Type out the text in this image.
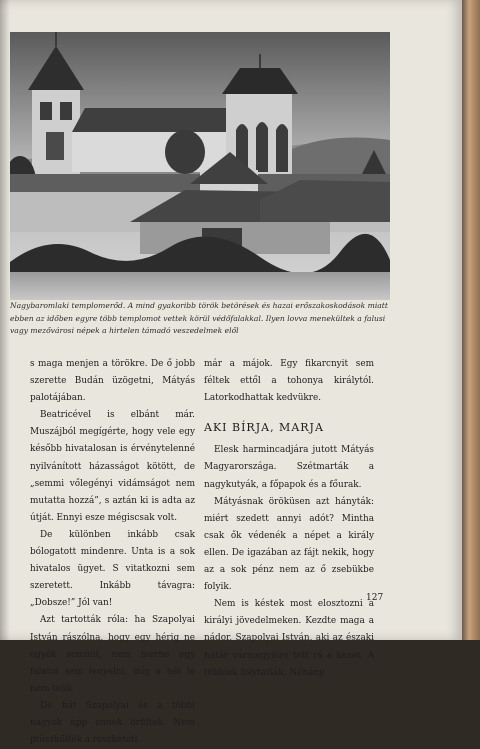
Nagybaromlaki templomerőd. A mind gyakoribb török betörések és hazai erőszakoskodások miatt ebben az időben egyre több templomot vettek körül védőfalakkal. Ilyen lovva menekültek a falusi vagy mezővárosi népek a hirtelen támadó veszedelmek elől

s maga menjen a törökre. De ő jobb szerette Budán üzögetni, Mátyás palotájában.

Beatricével is elbánt már. Muszájból megígérte, hogy vele egy később hivatalosan is érvénytelenné nyilvánított házasságot kötött, de „semmi vőlegényi vidámságot nem mutatta hozzá”, s aztán ki is adta az útját. Ennyi esze mégiscsak volt.

De különben inkább csak bólogatott mindenre. Unta is a sok hivatalos ügyet. S vitatkozni sem szeretett. Inkább távagra: „Dobsze!” Jól van!

Azt tartották róla: ha Szapolyai István rászólna, hogy egy hérig ne egyék semmit, nem merne egy falatot sem lenyelni, míg a hét le nem telik.

De hát Szapolyai és a többi nagyok épp ennek örültek. Nem ptüszköltek a reszketett

már a májok. Egy fikarcnyit sem féltek ettől a tohonya királytól. Latorkodhattak kedvükre.

AKI BÍRJA, MARJA

Elesk harmincadjára jutott Mátyás Magyarországa. Szétmarták a nagykutyák, a főpapok és a főurak.

Mátyásnak öröküsen azt hányták: miért szedett annyi adót? Mintha csak ők védenék a népet a király ellen. De igazában az fájt nekik, hogy az a sok pénz nem az ő zsebükbe folyik.

Nem is késtek most elosztozni a királyi jövedelmeken. Kezdte maga a nádor, Szapolyai István, aki az északi határ vármegyéire tett rá a kezét. A többiek folytatták. Néhány

127
